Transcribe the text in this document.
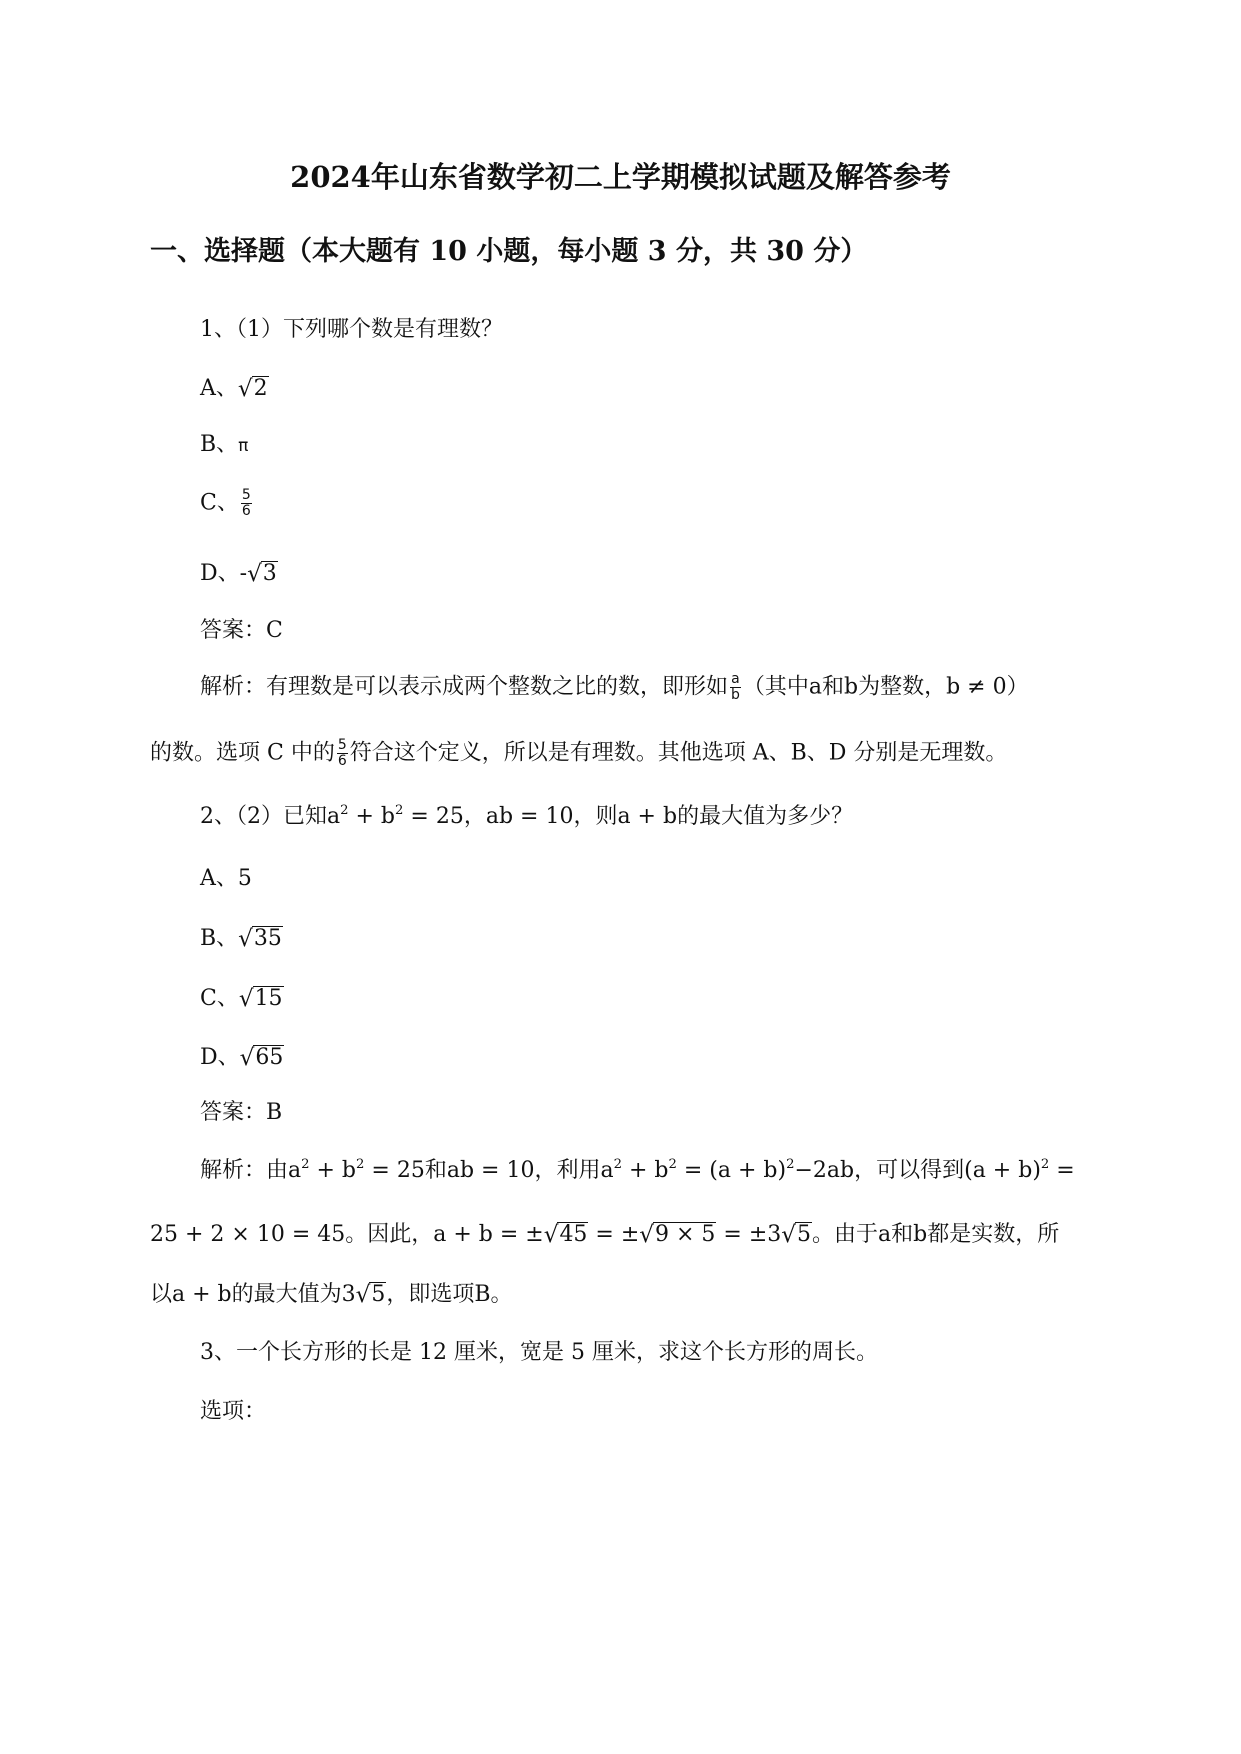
2024年山东省数学初二上学期模拟试题及解答参考
一、选择题（本大题有 10 小题，每小题 3 分，共 30 分）
1、（1）下列哪个数是有理数？
A、√2
B、π
C、 $\frac{5}{6}$
D、-√3
答案：C
解析：有理数是可以表示成两个整数之比的数，即形如 $\frac{a}{b}$ （其中a和b为整数，b ≠ 0）
的数。选项 C 中的 $\frac{5}{6}$ 符合这个定义，所以是有理数。其他选项 A、B、D 分别是无理数。
2、（2）已知$a^2 + b^2 = 25$，ab = 10，则a + b的最大值为多少？
A、5
B、√35
C、√15
D、√65
答案：B
解析：由$a^2 + b^2 = 25$和ab = 10，利用$a^2 + b^2 = (a + b)^2-2ab$，可以得到$(a + b)^2$ =
25 + 2 × 10 = 45。因此，a + b = ±√45 = ±√9 × 5 = ±3√5。由于a和b都是实数，所
以a + b的最大值为3√5，即选项B。
3、一个长方形的长是 12 厘米，宽是 5 厘米，求这个长方形的周长。
选项：
